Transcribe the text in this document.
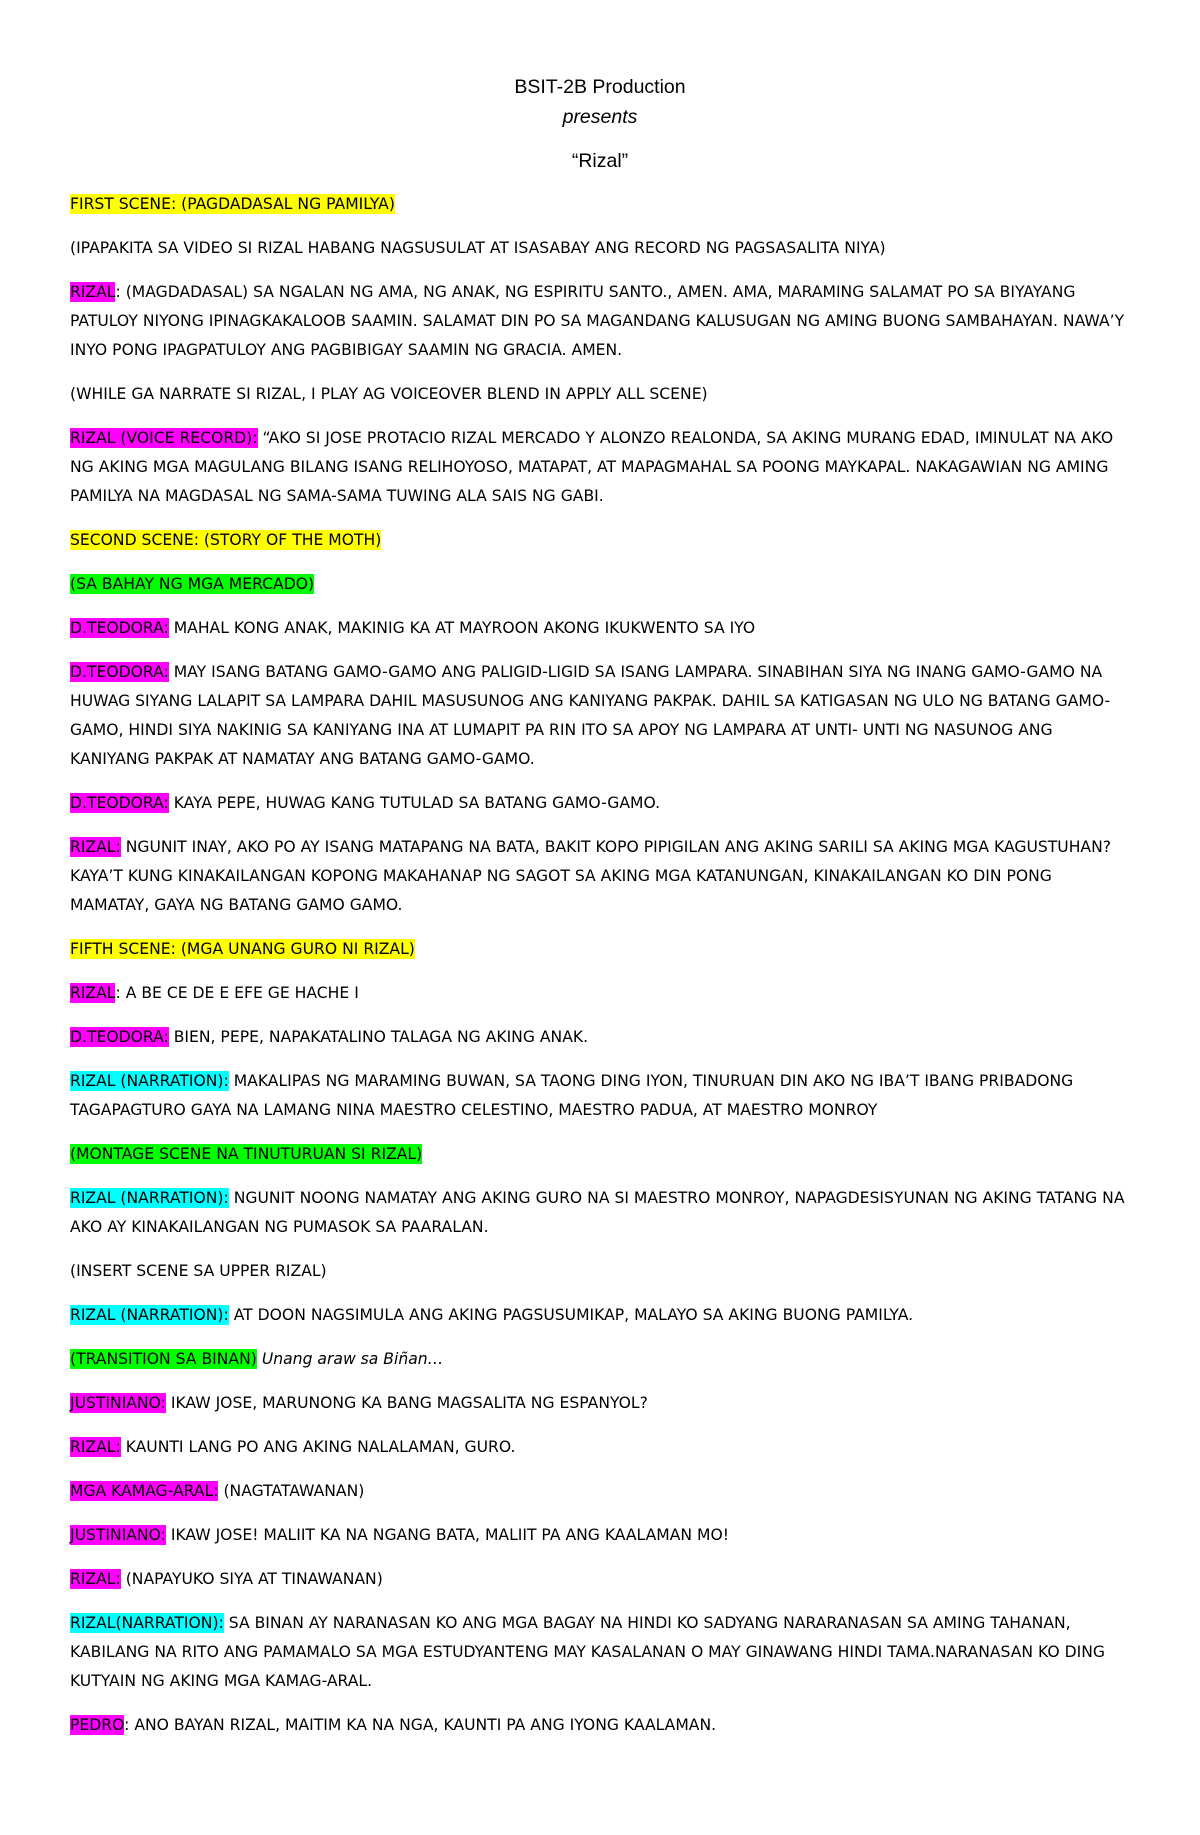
BSIT-2B Production
presents
“Rizal”
FIRST SCENE: (PAGDADASAL NG PAMILYA)
(IPAPAKITA SA VIDEO SI RIZAL HABANG NAGSUSULAT AT ISASABAY ANG RECORD NG PAGSASALITA NIYA)
RIZAL: (MAGDADASAL) SA NGALAN NG AMA, NG ANAK, NG ESPIRITU SANTO., AMEN. AMA, MARAMING SALAMAT PO SA BIYAYANG PATULOY NIYONG IPINAGKAKALOOB SAAMIN. SALAMAT DIN PO SA MAGANDANG KALUSUGAN NG AMING BUONG SAMBAHAYAN. NAWA’Y INYO PONG IPAGPATULOY ANG PAGBIBIGAY SAAMIN NG GRACIA. AMEN.
(WHILE GA NARRATE SI RIZAL, I PLAY AG VOICEOVER BLEND IN APPLY ALL SCENE)
RIZAL (VOICE RECORD): “AKO SI JOSE PROTACIO RIZAL MERCADO Y ALONZO REALONDA, SA AKING MURANG EDAD, IMINULAT NA AKO NG AKING MGA MAGULANG BILANG ISANG RELIHOYOSO, MATAPAT, AT MAPAGMAHAL SA POONG MAYKAPAL. NAKAGAWIAN NG AMING PAMILYA NA MAGDASAL NG SAMA-SAMA TUWING ALA SAIS NG GABI.
SECOND SCENE: (STORY OF THE MOTH)
(SA BAHAY NG MGA MERCADO)
D.TEODORA: MAHAL KONG ANAK, MAKINIG KA AT MAYROON AKONG IKUKWENTO SA IYO
D.TEODORA: MAY ISANG BATANG GAMO-GAMO ANG PALIGID-LIGID SA ISANG LAMPARA. SINABIHAN SIYA NG INANG GAMO-GAMO NA HUWAG SIYANG LALAPIT SA LAMPARA DAHIL MASUSUNOG ANG KANIYANG PAKPAK. DAHIL SA KATIGASAN NG ULO NG BATANG GAMO-GAMO, HINDI SIYA NAKINIG SA KANIYANG INA AT LUMAPIT PA RIN ITO SA APOY NG LAMPARA AT UNTI- UNTI NG NASUNOG ANG KANIYANG PAKPAK AT NAMATAY ANG BATANG GAMO-GAMO.
D.TEODORA: KAYA PEPE, HUWAG KANG TUTULAD SA BATANG GAMO-GAMO.
RIZAL: NGUNIT INAY, AKO PO AY ISANG MATAPANG NA BATA, BAKIT KOPO PIPIGILAN ANG AKING SARILI SA AKING MGA KAGUSTUHAN? KAYA’T KUNG KINAKAILANGAN KOPONG MAKAHANAP NG SAGOT SA AKING MGA KATANUNGAN, KINAKAILANGAN KO DIN PONG MAMATAY, GAYA NG BATANG GAMO GAMO.
FIFTH SCENE: (MGA UNANG GURO NI RIZAL)
RIZAL: A BE CE DE E EFE GE HACHE I
D.TEODORA: BIEN, PEPE, NAPAKATALINO TALAGA NG AKING ANAK.
RIZAL (NARRATION): MAKALIPAS NG MARAMING BUWAN, SA TAONG DING IYON, TINURUAN DIN AKO NG IBA’T IBANG PRIBADONG TAGAPAGTURO GAYA NA LAMANG NINA MAESTRO CELESTINO, MAESTRO PADUA, AT MAESTRO MONROY
(MONTAGE SCENE NA TINUTURUAN SI RIZAL)
RIZAL (NARRATION): NGUNIT NOONG NAMATAY ANG AKING GURO NA SI MAESTRO MONROY, NAPAGDESISYUNAN NG AKING TATANG NA AKO AY KINAKAILANGAN NG PUMASOK SA PAARALAN.
(INSERT SCENE SA UPPER RIZAL)
RIZAL (NARRATION): AT DOON NAGSIMULA ANG AKING PAGSUSUMIKAP, MALAYO SA AKING BUONG PAMILYA.
(TRANSITION SA BINAN) Unang araw sa Biñan…
JUSTINIANO: IKAW JOSE, MARUNONG KA BANG MAGSALITA NG ESPANYOL?
RIZAL: KAUNTI LANG PO ANG AKING NALALAMAN, GURO.
MGA KAMAG-ARAL: (NAGTATAWANAN)
JUSTINIANO: IKAW JOSE! MALIIT KA NA NGANG BATA, MALIIT PA ANG KAALAMAN MO!
RIZAL: (NAPAYUKO SIYA AT TINAWANAN)
RIZAL(NARRATION): SA BINAN AY NARANASAN KO ANG MGA BAGAY NA HINDI KO SADYANG NARARANASAN SA AMING TAHANAN, KABILANG NA RITO ANG PAMAMALO SA MGA ESTUDYANTENG MAY KASALANAN O MAY GINAWANG HINDI TAMA.NARANASAN KO DING KUTYAIN NG AKING MGA KAMAG-ARAL.
PEDRO: ANO BAYAN RIZAL, MAITIM KA NA NGA, KAUNTI PA ANG IYONG KAALAMAN.
